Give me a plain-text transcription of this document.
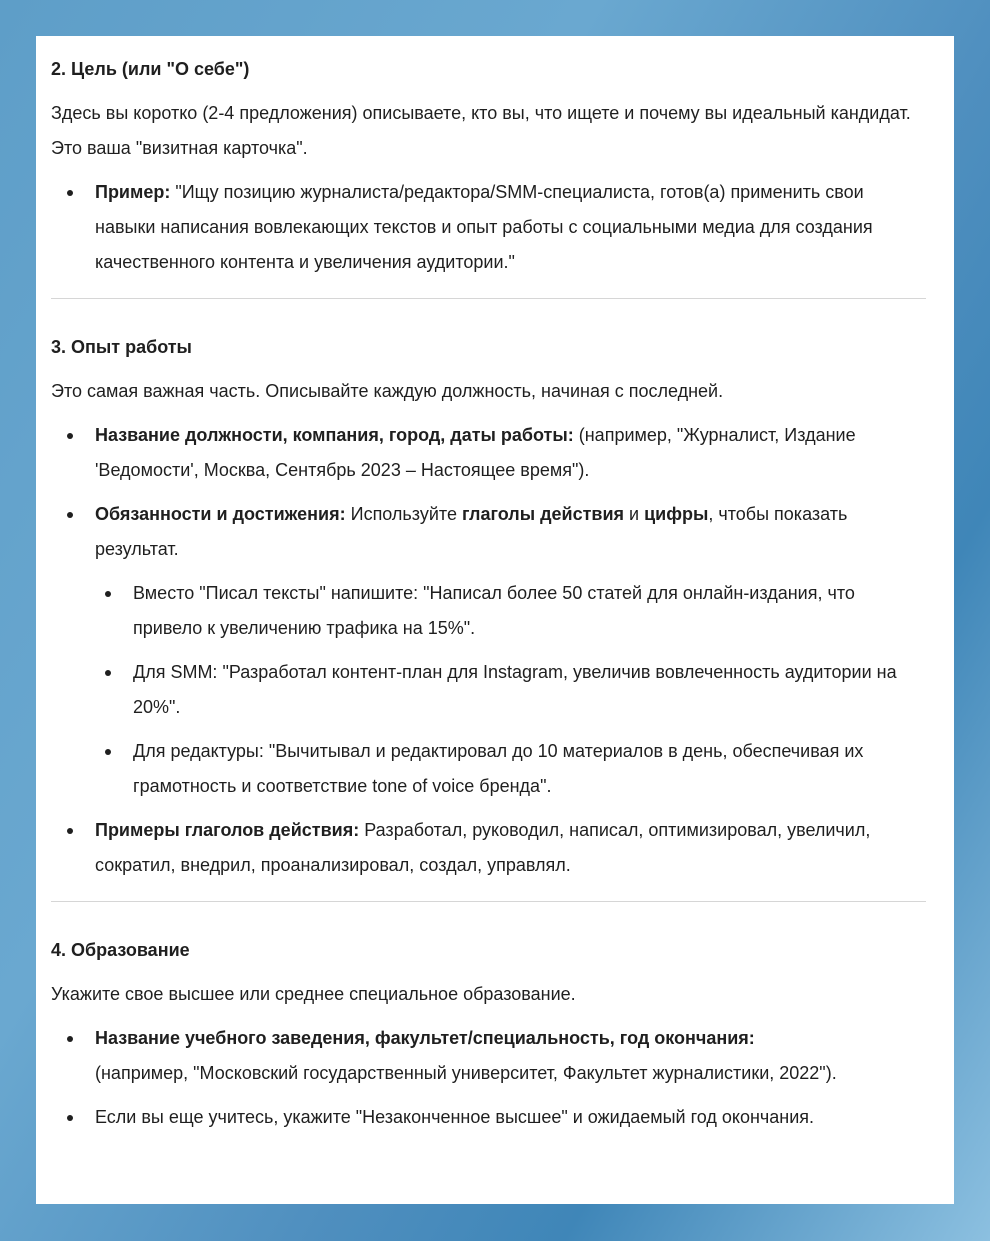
2. Цель (или "О себе")

Здесь вы коротко (2-4 предложения) описываете, кто вы, что ищете и почему вы идеальный кандидат. Это ваша "визитная карточка".

Пример: "Ищу позицию журналиста/редактора/SMM-специалиста, готов(а) применить свои навыки написания вовлекающих текстов и опыт работы с социальными медиа для создания качественного контента и увеличения аудитории."
3. Опыт работы

Это самая важная часть. Описывайте каждую должность, начиная с последней.

Название должности, компания, город, даты работы: (например, "Журналист, Издание 'Ведомости', Москва, Сентябрь 2023 – Настоящее время").
Обязанности и достижения: Используйте глаголы действия и цифры, чтобы показать результат.
Вместо "Писал тексты" напишите: "Написал более 50 статей для онлайн-издания, что привело к увеличению трафика на 15%".
Для SMM: "Разработал контент-план для Instagram, увеличив вовлеченность аудитории на 20%".
Для редактуры: "Вычитывал и редактировал до 10 материалов в день, обеспечивая их грамотность и соответствие tone of voice бренда".
Примеры глаголов действия: Разработал, руководил, написал, оптимизировал, увеличил, сократил, внедрил, проанализировал, создал, управлял.
4. Образование

Укажите свое высшее или среднее специальное образование.

Название учебного заведения, факультет/специальность, год окончания:
(например, "Московский государственный университет, Факультет журналистики, 2022").
Если вы еще учитесь, укажите "Незаконченное высшее" и ожидаемый год окончания.
